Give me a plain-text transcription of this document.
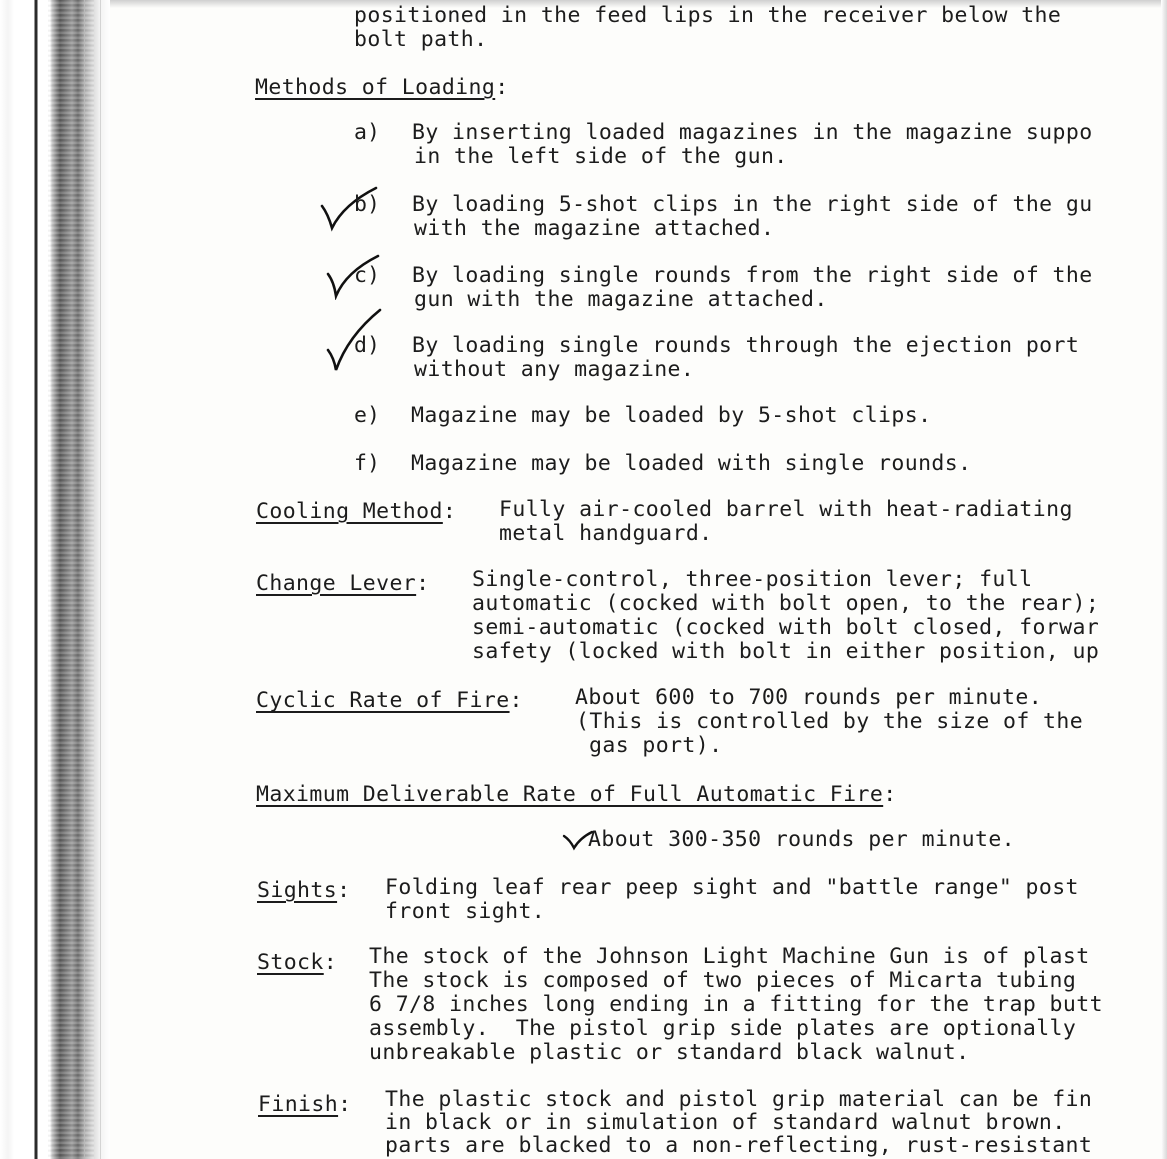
positioned in the feed lips in the receiver below the
bolt path.
Methods of Loading:
a) By inserting loaded magazines in the magazine suppo
in the left side of the gun.
b) By loading 5-shot clips in the right side of the gu
with the magazine attached.
c) By loading single rounds from the right side of the
gun with the magazine attached.
d) By loading single rounds through the ejection port
without any magazine.
e) Magazine may be loaded by 5-shot clips.
f) Magazine may be loaded with single rounds.
Cooling Method: Fully air-cooled barrel with heat-radiating
metal handguard.
Change Lever: Single-control, three-position lever; full
automatic (cocked with bolt open, to the rear);
semi-automatic (cocked with bolt closed, forwar
safety (locked with bolt in either position, up
Cyclic Rate of Fire: About 600 to 700 rounds per minute.
(This is controlled by the size of the
gas port).
Maximum Deliverable Rate of Full Automatic Fire:
About 300-350 rounds per minute.
Sights: Folding leaf rear peep sight and "battle range" post
front sight.
Stock: The stock of the Johnson Light Machine Gun is of plast
The stock is composed of two pieces of Micarta tubing
6 7/8 inches long ending in a fitting for the trap butt
assembly.  The pistol grip side plates are optionally
unbreakable plastic or standard black walnut.
Finish: The plastic stock and pistol grip material can be fin
in black or in simulation of standard walnut brown.
parts are blacked to a non-reflecting, rust-resistant
